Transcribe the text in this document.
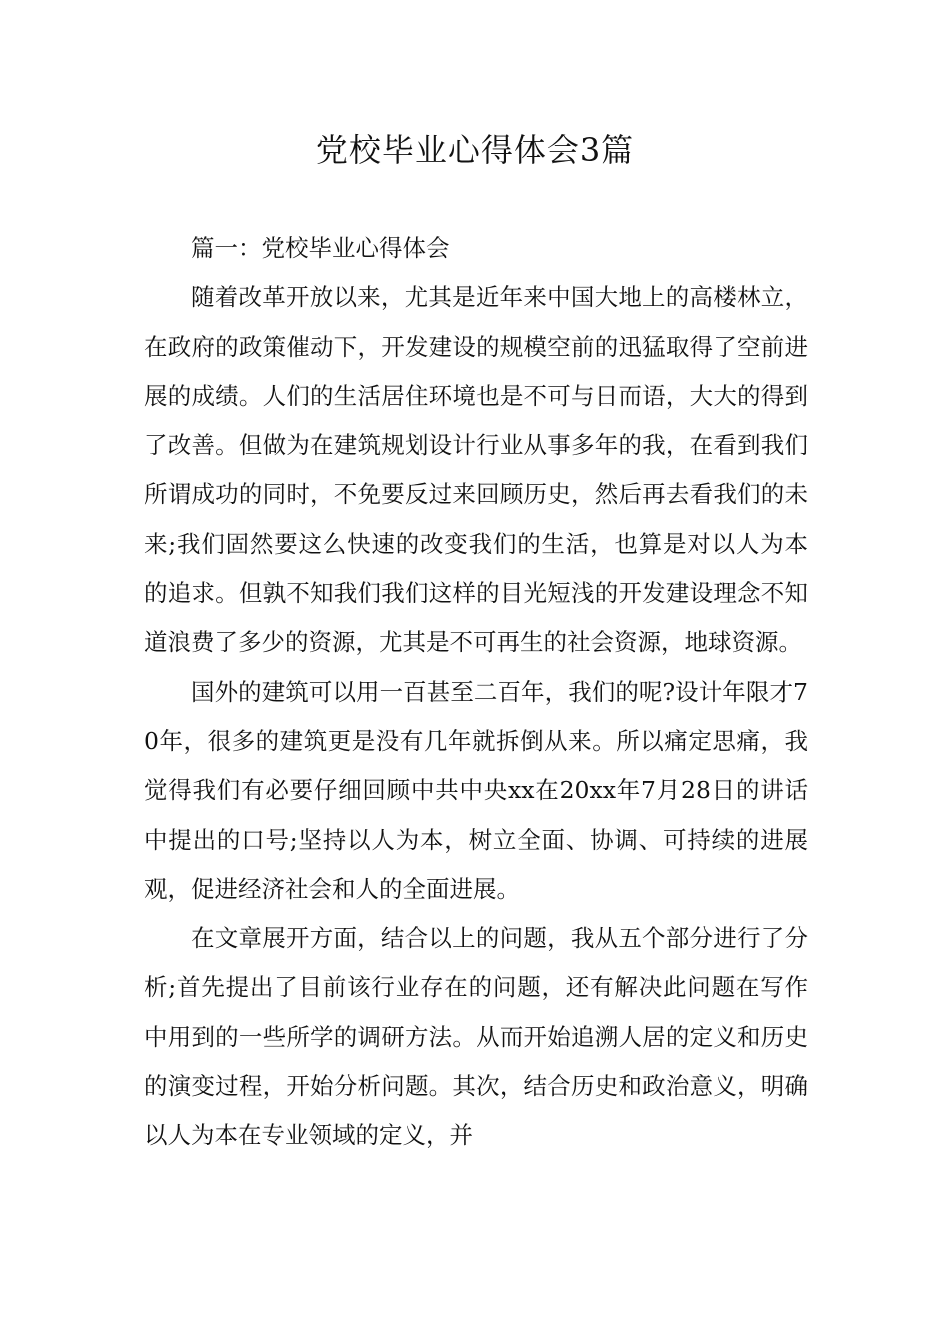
党校毕业心得体会3篇

篇一：党校毕业心得体会

随着改革开放以来，尤其是近年来中国大地上的高楼林立，在政府的政策催动下，开发建设的规模空前的迅猛取得了空前进展的成绩。人们的生活居住环境也是不可与日而语，大大的得到了改善。但做为在建筑规划设计行业从事多年的我，在看到我们所谓成功的同时，不免要反过来回顾历史，然后再去看我们的未来;我们固然要这么快速的改变我们的生活，也算是对以人为本的追求。但孰不知我们我们这样的目光短浅的开发建设理念不知道浪费了多少的资源，尤其是不可再生的社会资源，地球资源。

国外的建筑可以用一百甚至二百年，我们的呢?设计年限才70年，很多的建筑更是没有几年就拆倒从来。所以痛定思痛，我觉得我们有必要仔细回顾中共中央xx在20xx年7月28日的讲话中提出的口号;坚持以人为本，树立全面、协调、可持续的进展观，促进经济社会和人的全面进展。

在文章展开方面，结合以上的问题，我从五个部分进行了分析;首先提出了目前该行业存在的问题，还有解决此问题在写作中用到的一些所学的调研方法。从而开始追溯人居的定义和历史的演变过程，开始分析问题。其次，结合历史和政治意义，明确以人为本在专业领域的定义，并
